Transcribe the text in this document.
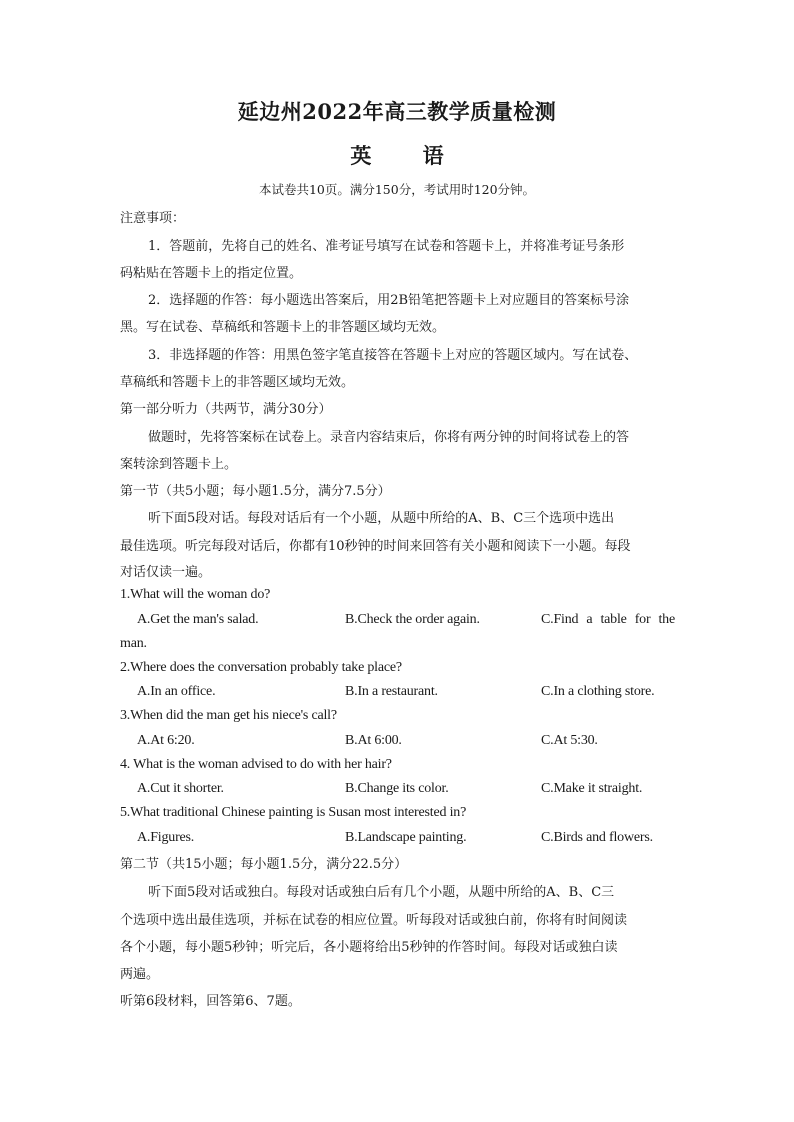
延边州2022年高三教学质量检测
英 语
本试卷共10页。满分150分，考试用时120分钟。
注意事项：
1．答题前，先将自己的姓名、准考证号填写在试卷和答题卡上，并将准考证号条形
码粘贴在答题卡上的指定位置。
2．选择题的作答：每小题选出答案后，用2B铅笔把答题卡上对应题目的答案标号涂
黑。写在试卷、草稿纸和答题卡上的非答题区域均无效。
3．非选择题的作答：用黑色签字笔直接答在答题卡上对应的答题区域内。写在试卷、
草稿纸和答题卡上的非答题区域均无效。
第一部分听力（共两节，满分30分）
做题时，先将答案标在试卷上。录音内容结束后，你将有两分钟的时间将试卷上的答
案转涂到答题卡上。
第一节（共5小题；每小题1.5分，满分7.5分）
听下面5段对话。每段对话后有一个小题，从题中所给的A、B、C三个选项中选出
最佳选项。听完每段对话后，你都有10秒钟的时间来回答有关小题和阅读下一小题。每段
对话仅读一遍。
1.What will the woman do?
A.Get the man's salad.	B.Check the order again.	C.Find a table for the
man.
2.Where does the conversation probably take place?
A.In an office.	B.In a restaurant.	C.In a clothing store.
3.When did the man get his niece's call?
A.At 6:20.	B.At 6:00.	C.At 5:30.
4. What is the woman advised to do with her hair?
A.Cut it shorter.	B.Change its color.	C.Make it straight.
5.What traditional Chinese painting is Susan most interested in?
A.Figures.	B.Landscape painting.	C.Birds and flowers.
第二节（共15小题；每小题1.5分，满分22.5分）
听下面5段对话或独白。每段对话或独白后有几个小题，从题中所给的A、B、C三
个选项中选出最佳选项，并标在试卷的相应位置。听每段对话或独白前，你将有时间阅读
各个小题，每小题5秒钟；听完后，各小题将给出5秒钟的作答时间。每段对话或独白读
两遍。
听第6段材料，回答第6、7题。
